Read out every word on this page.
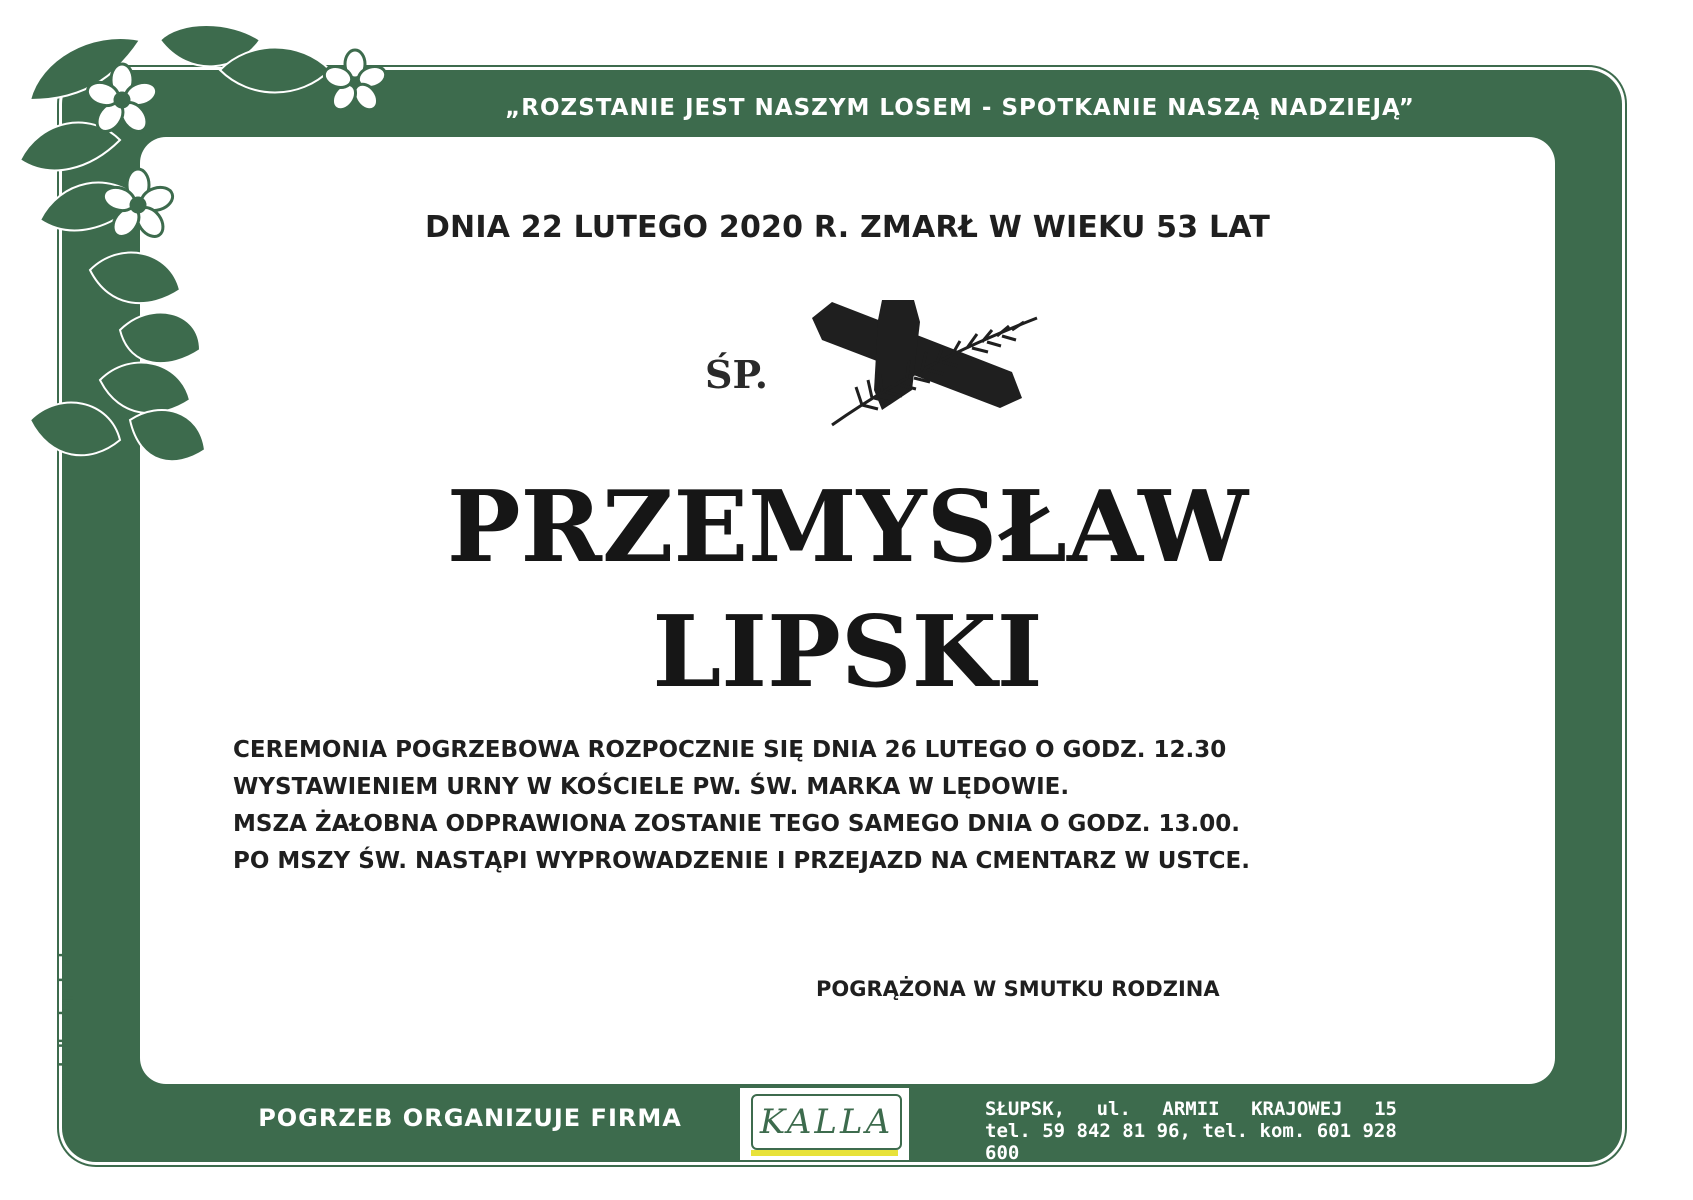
„ROZSTANIE JEST NASZYM LOSEM - SPOTKANIE NASZĄ NADZIEJĄ”
DNIA 22 LUTEGO 2020 R. ZMARŁ W WIEKU 53 LAT
ŚP.
PRZEMYSŁAW
LIPSKI
CEREMONIA POGRZEBOWA ROZPOCZNIE SIĘ DNIA 26 LUTEGO O GODZ. 12.30
WYSTAWIENIEM URNY W KOŚCIELE PW. ŚW. MARKA W LĘDOWIE.
MSZA ŻAŁOBNA ODPRAWIONA ZOSTANIE TEGO SAMEGO DNIA O GODZ. 13.00.
PO MSZY ŚW. NASTĄPI WYPROWADZENIE I PRZEJAZD NA CMENTARZ W USTCE.
POGRĄŻONA W SMUTKU RODZINA
POGRZEB ORGANIZUJE FIRMA	KALLA	SŁUPSK, ul. ARMII KRAJOWEJ 15
tel. 59 842 81 96, tel. kom. 601 928 600
www.kalla.slupsk.pl
